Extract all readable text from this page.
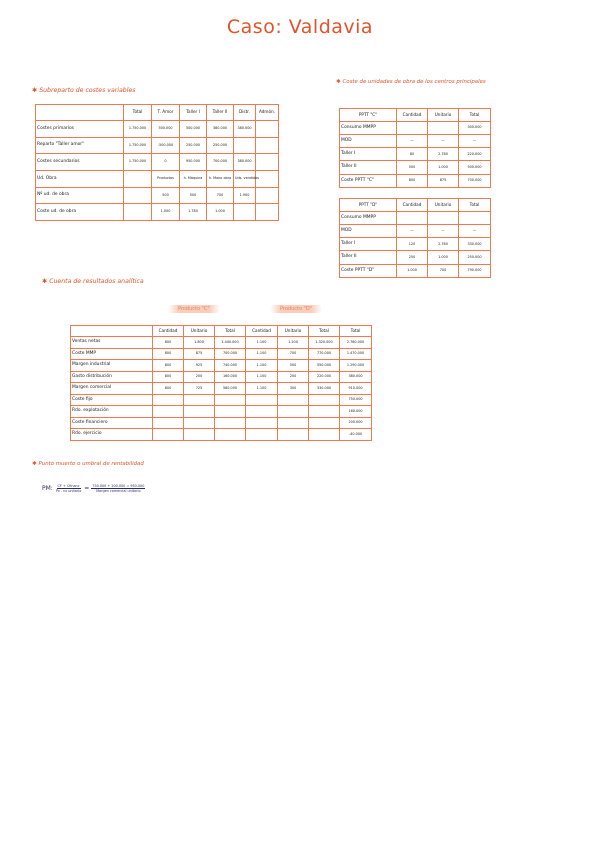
Caso: Valdavia
✱ Subreparto de costes variables
✱ Coste de unidades de obra de los centros principales
✱ Cuenta de resultados analítica
✱ Punto muerto o umbral de rentabilidad
Producto "C"	Producto "D"
	Total	T. Amor	Taller I	Taller II	Distr.	Admón.
Costes primarios	1.750.000	500.000	500.000	380.000	380.000	
Reparto "Taller amor"	1.750.000	-500.000	250.000	250.000		
Costes secundarios	1.750.000	0	950.000	700.000	380.000	
Ud. Obra		Productos	h. Máquina	h. Mano obra	Uds. vendidas	
Nº ud. de obra		500	500	700	1.900	
Coste ud. de obra		1.000	1.780	1.000		
PPTT "C"	Cantidad	Unitario	Total
Consumo MMPP			300.000
MOD	—	—	—
Taller I	80	2.780	220.000
Taller II	500	1.000	500.000
Coste PPTT "C"	800	875	700.000
PPTT "D"	Cantidad	Unitario	Total
Consumo MMPP			
MOD	—	—	—
Taller I	120	2.780	330.000
Taller II	250	1.000	250.000
Coste PPTT "D"	1.000	700	790.000
	Cantidad	Unitario	Total	Cantidad	Unitario	Total	Total
Ventas netas	800	1.800	1.440.000	1.100	1.200	1.320.000	2.760.000
Coste MMP	800	875	700.000	1.100	700	770.000	1.470.000
Margen industrial	800	925	740.000	1.100	500	550.000	1.290.000
Gasto distribución	800	200	160.000	1.100	200	220.000	380.000
Margen comercial	800	725	580.000	1.100	300	330.000	910.000
Coste fijo							750.000
Rdo. explotación							160.000
Coste financiero							200.000
Rdo. ejercicio							-40.000
PM: CF + Cfinanc
Pv - cv unitario = 750.000 + 200.000 = 950.000
Margen comercial unitario
